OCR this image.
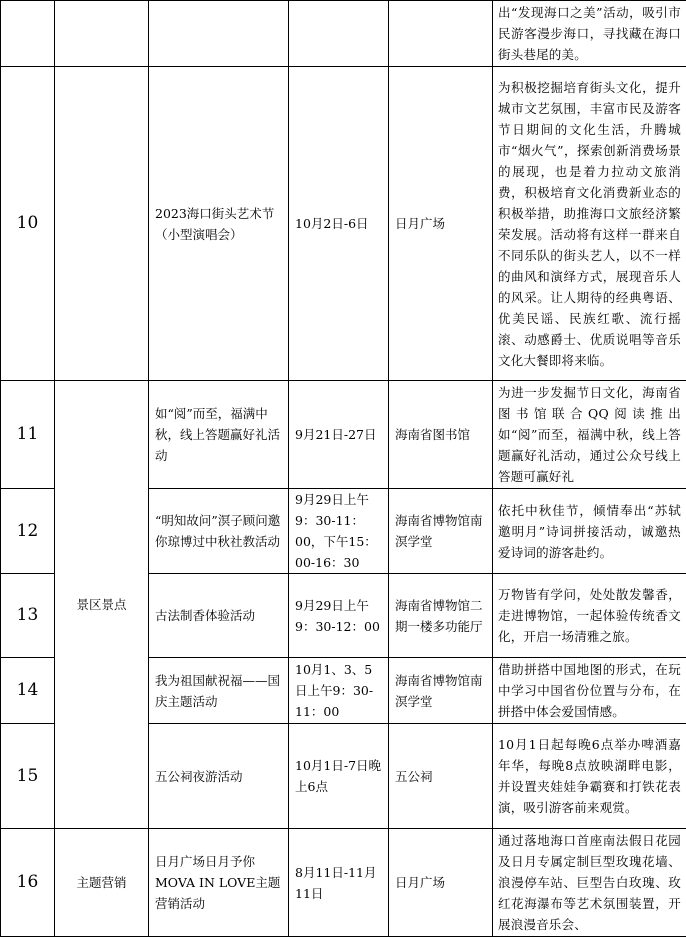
					出“发现海口之美”活动，吸引市民游客漫步海口，寻找藏在海口街头巷尾的美。
10		2023海口街头艺术节（小型演唱会）	10月2日-6日	日月广场	为积极挖掘培育街头文化，提升城市文艺氛围，丰富市民及游客节日期间的文化生活，升腾城市“烟火气”，探索创新消费场景的展现，也是着力拉动文旅消费，积极培育文化消费新业态的积极举措，助推海口文旅经济繁荣发展。活动将有这样一群来自不同乐队的街头艺人，以不一样的曲风和演绎方式，展现音乐人的风采。让人期待的经典粤语、优美民谣、民族红歌、流行摇滚、动感爵士、优质说唱等音乐文化大餐即将来临。
11	景区景点	如“阅”而至，福满中秋，线上答题赢好礼活动	9月21日-27日	海南省图书馆	为进一步发掘节日文化，海南省图书馆联合QQ阅读推出如“阅”而至，福满中秋，线上答题赢好礼活动，通过公众号线上答题可赢好礼
12		“明知故问”溟子顾问邀你琼博过中秋社教活动	9月29日上午9：30-11：00，下午15：00-16：30	海南省博物馆南溟学堂	依托中秋佳节，倾情奉出“苏轼邀明月”诗词拼接活动，诚邀热爱诗词的游客赴约。
13		古法制香体验活动	9月29日上午9：30-12：00	海南省博物馆二期一楼多功能厅	万物皆有学问，处处散发馨香，走进博物馆，一起体验传统香文化，开启一场清雅之旅。
14		我为祖国献祝福——国庆主题活动	10月1、3、5日上午9：30-11：00	海南省博物馆南溟学堂	借助拼搭中国地图的形式，在玩中学习中国省份位置与分布，在拼搭中体会爱国情感。
15		五公祠夜游活动	10月1日-7日晚上6点	五公祠	10月1日起每晚6点举办啤酒嘉年华，每晚8点放映湖畔电影，并设置夹娃娃争霸赛和打铁花表演，吸引游客前来观赏。
16	主题营销	日月广场日月予你MOVA IN LOVE主题营销活动	8月11日-11月11日	日月广场	通过落地海口首座南法假日花园及日月专属定制巨型玫瑰花墙、浪漫停车站、巨型告白玫瑰、玫红花海瀑布等艺术氛围装置，开展浪漫音乐会、
